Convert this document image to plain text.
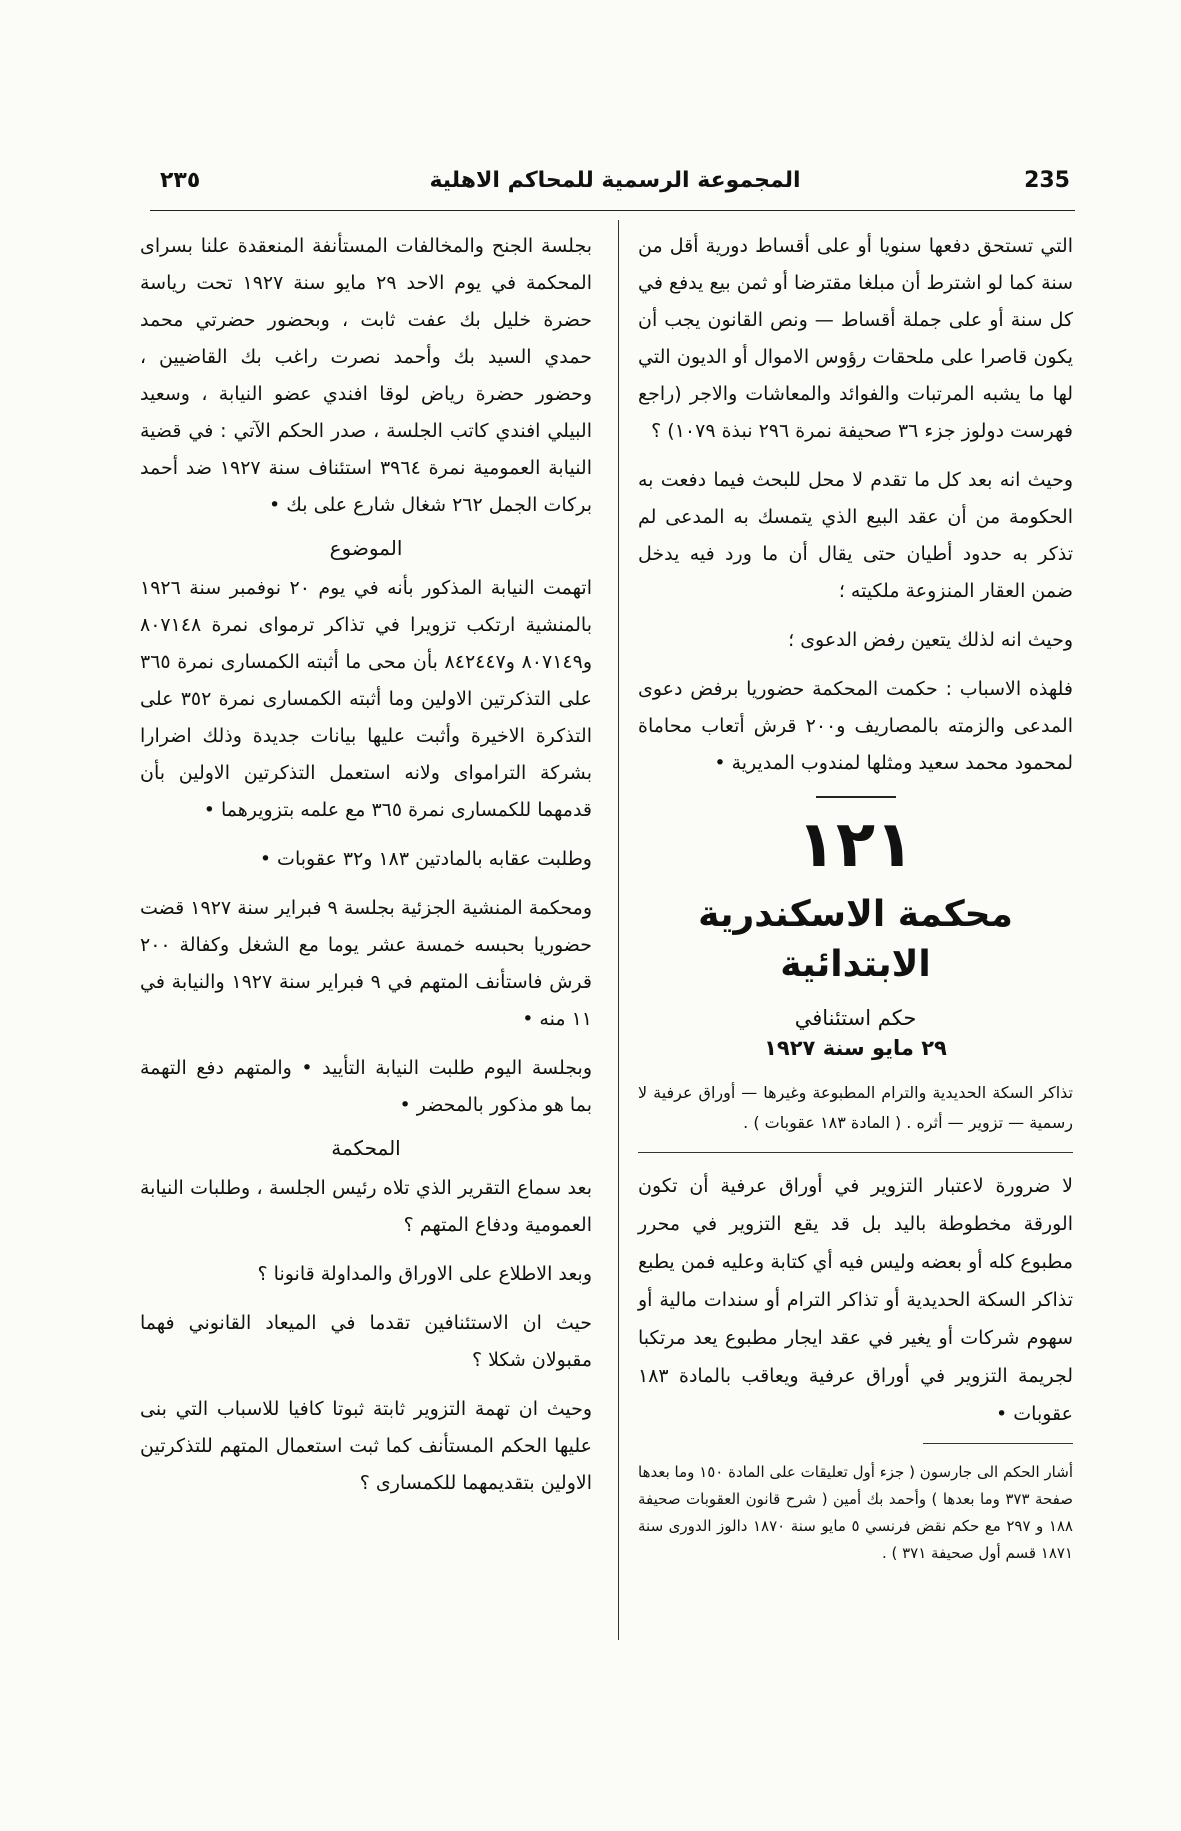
٢٣٥	المجموعة الرسمية للمحاكم الاهلية	235

التي تستحق دفعها سنويا أو على أقساط دورية أقل من سنة كما لو اشترط أن مبلغا مقترضا أو ثمن بيع يدفع في كل سنة أو على جملة أقساط — ونص القانون يجب أن يكون قاصرا على ملحقات رؤوس الاموال أو الديون التي لها ما يشبه المرتبات والفوائد والمعاشات والاجر (راجع فهرست دولوز جزء ٣٦ صحيفة نمرة ٢٩٦ نبذة ١٠٧٩) ؟

وحيث انه بعد كل ما تقدم لا محل للبحث فيما دفعت به الحكومة من أن عقد البيع الذي يتمسك به المدعى لم تذكر به حدود أطيان حتى يقال أن ما ورد فيه يدخل ضمن العقار المنزوعة ملكيته ؛

وحيث انه لذلك يتعين رفض الدعوى ؛

فلهذه الاسباب : حكمت المحكمة حضوريا برفض دعوى المدعى والزمته بالمصاريف و٢٠٠ قرش أتعاب محاماة لمحمود محمد سعيد ومثلها لمندوب المديرية •

١٢١
محكمة الاسكندرية الابتدائية
حكم استئنافي
٢٩ مايو سنة ١٩٢٧

تذاكر السكة الحديدية والترام المطبوعة وغيرها — أوراق عرفية لا رسمية — تزوير — أثره . ( المادة ١٨٣ عقوبات ) .

لا ضرورة لاعتبار التزوير في أوراق عرفية أن تكون الورقة مخطوطة باليد بل قد يقع التزوير في محرر مطبوع كله أو بعضه وليس فيه أي كتابة وعليه فمن يطبع تذاكر السكة الحديدية أو تذاكر الترام أو سندات مالية أو سهوم شركات أو يغير في عقد ايجار مطبوع يعد مرتكبا لجريمة التزوير في أوراق عرفية ويعاقب بالمادة ١٨٣ عقوبات •

أشار الحكم الى جارسون ( جزء أول تعليقات على المادة ١٥٠ وما بعدها صفحة ٣٧٣ وما بعدها ) وأحمد بك أمين ( شرح قانون العقوبات صحيفة ١٨٨ و ٢٩٧ مع حكم نقض فرنسي ٥ مايو سنة ١٨٧٠ دالوز الدورى سنة ١٨٧١ قسم أول صحيفة ٣٧١ ) .

بجلسة الجنح والمخالفات المستأنفة المنعقدة علنا بسراى المحكمة في يوم الاحد ٢٩ مايو سنة ١٩٢٧ تحت رياسة حضرة خليل بك عفت ثابت ، وبحضور حضرتي محمد حمدي السيد بك وأحمد نصرت راغب بك القاضيين ، وحضور حضرة رياض لوقا افندي عضو النيابة ، وسعيد البيلي افندي كاتب الجلسة ، صدر الحكم الآتي : في قضية النيابة العمومية نمرة ٣٩٦٤ استئناف سنة ١٩٢٧ ضد أحمد بركات الجمل ٢٦٢ شغال شارع على بك •

الموضوع

اتهمت النيابة المذكور بأنه في يوم ٢٠ نوفمبر سنة ١٩٢٦ بالمنشية ارتكب تزويرا في تذاكر ترمواى نمرة ٨٠٧١٤٨ و٨٠٧١٤٩ و٨٤٢٤٤٧ بأن محى ما أثبته الكمسارى نمرة ٣٦٥ على التذكرتين الاولين وما أثبته الكمسارى نمرة ٣٥٢ على التذكرة الاخيرة وأثبت عليها بيانات جديدة وذلك اضرارا بشركة الترامواى ولانه استعمل التذكرتين الاولين بأن قدمهما للكمسارى نمرة ٣٦٥ مع علمه بتزويرهما •

وطلبت عقابه بالمادتين ١٨٣ و٣٢ عقوبات •

ومحكمة المنشية الجزئية بجلسة ٩ فبراير سنة ١٩٢٧ قضت حضوريا بحبسه خمسة عشر يوما مع الشغل وكفالة ٢٠٠ قرش فاستأنف المتهم في ٩ فبراير سنة ١٩٢٧ والنيابة في ١١ منه •

وبجلسة اليوم طلبت النيابة التأييد • والمتهم دفع التهمة بما هو مذكور بالمحضر •

المحكمة

بعد سماع التقرير الذي تلاه رئيس الجلسة ، وطلبات النيابة العمومية ودفاع المتهم ؟

وبعد الاطلاع على الاوراق والمداولة قانونا ؟

حيث ان الاستئنافين تقدما في الميعاد القانوني فهما مقبولان شكلا ؟

وحيث ان تهمة التزوير ثابتة ثبوتا كافيا للاسباب التي بنى عليها الحكم المستأنف كما ثبت استعمال المتهم للتذكرتين الاولين بتقديمهما للكمسارى ؟
